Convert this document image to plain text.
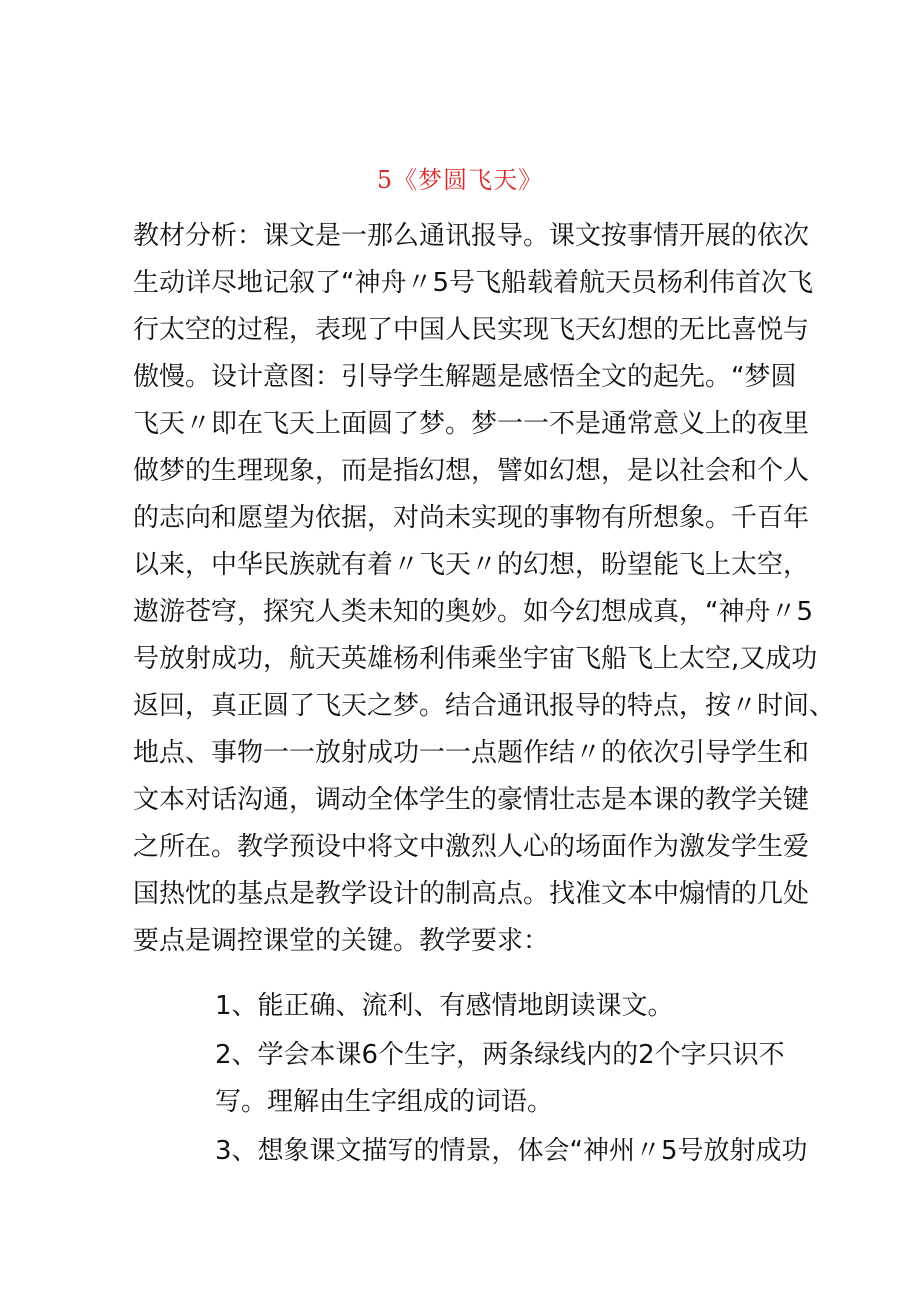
5《梦圆飞天》
教材分析：课文是一那么通讯报导。课文按事情开展的依次
生动详尽地记叙了“神舟〃5号飞船载着航天员杨利伟首次飞
行太空的过程，表现了中国人民实现飞天幻想的无比喜悦与
傲慢。设计意图：引导学生解题是感悟全文的起先。“梦圆
飞天〃即在飞天上面圆了梦。梦一一不是通常意义上的夜里
做梦的生理现象，而是指幻想，譬如幻想，是以社会和个人
的志向和愿望为依据，对尚未实现的事物有所想象。千百年
以来，中华民族就有着〃飞天〃的幻想，盼望能飞上太空，
遨游苍穹，探究人类未知的奥妙。如今幻想成真，“神舟〃5
号放射成功，航天英雄杨利伟乘坐宇宙飞船飞上太空,又成功
返回，真正圆了飞天之梦。结合通讯报导的特点，按〃时间、
地点、事物一一放射成功一一点题作结〃的依次引导学生和
文本对话沟通，调动全体学生的豪情壮志是本课的教学关键
之所在。教学预设中将文中激烈人心的场面作为激发学生爱
国热忱的基点是教学设计的制高点。找准文本中煽情的几处
要点是调控课堂的关键。教学要求：
1、能正确、流利、有感情地朗读课文。
2、学会本课6个生字，两条绿线内的2个字只识不
写。理解由生字组成的词语。
3、想象课文描写的情景，体会“神州〃5号放射成功
